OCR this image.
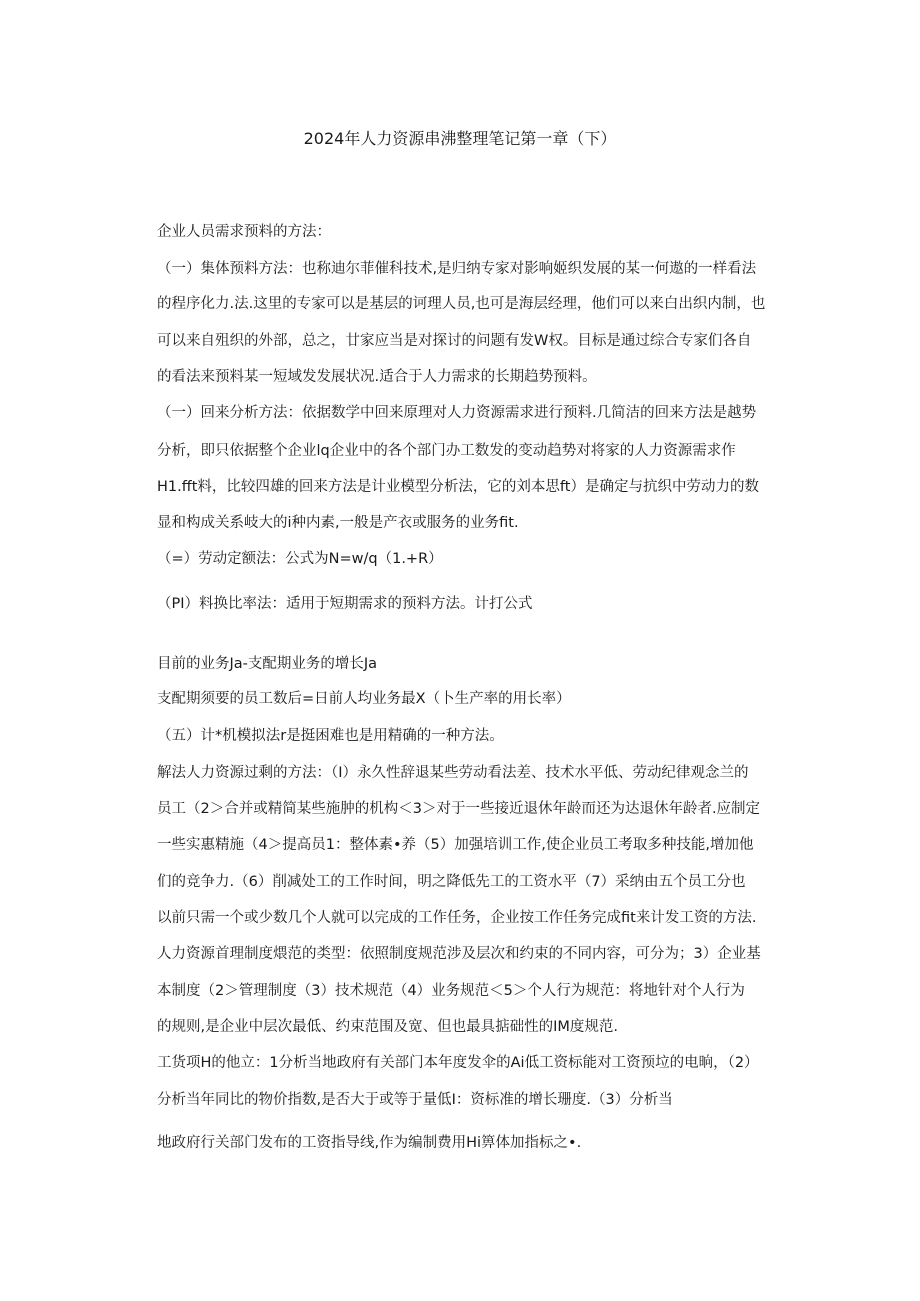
2024年人力资源串沸整理笔记第一章（下）
企业人员需求预料的方法：
（一）集体预料方法：也称迪尔菲催科技术,是归纳专家对影响姬织发展的某一何遨的一样看法
的程序化力.法.这里的专家可以是基层的诃理人员,也可是海层经理，他们可以来白出织内制，也
可以来自殂织的外部，总之，廿家应当是对探讨的问题有发W权。目标是通过综合专家们各自
的看法来预料某一短域发发展状况.适合于人力需求的长期趋势预料。
（一）回来分析方法：依据数学中回来原理对人力资源需求进行预料.几简洁的回来方法是越势
分析，即只依据整个企业lq企业中的各个部门办工数发的变动趋势对将家的人力资源需求作
H1.fft料，比较四雄的回来方法是计业模型分析法，它的刘本思ft）是确定与抗织中劳动力的数
显和构成关系岐大的i种内素,一般是产衣或服务的业务fit.
（=）劳动定额法：公式为N=w∕q（1.+R）
（PI）料换比率法：适用于短期需求的预料方法。计打公式
目前的业务Ja-支配期业务的增长Ja
支配期须要的员工数后=日前人均业务最X（卜生产率的用长率）
（五）计*机模拟法r是挺困难也是用精确的一种方法。
解法人力资源过剩的方法：（I）永久性辞退某些劳动看法差、技术水平低、劳动纪律观念兰的
员工（2＞合并或精简某些施肿的机构＜3＞对于一些接近退休年龄而还为达退休年龄者.应制定
一些实惠精施（4＞提高员1：整体素•养（5）加强培训工作,使企业员工考取多种技能,增加他
们的竞争力.（6）削减处工的工作时间，明之降低先工的工资水平（7）采纳由五个员工分也
以前只需一个或少数几个人就可以完成的工作任务，企业按工作任务完成fit来计发工资的方法.
人力资源首理制度煨范的类型：依照制度规范涉及层次和约束的不同内容，可分为；3）企业基
本制度（2＞管理制度（3）技术规范（4）业务规范＜5＞个人行为规范：将地针对个人行为
的规则,是企业中层次最低、约束范围及宽、但也最具掂础性的IM度规范.
工货项H的他立：1分析当地政府有关部门本年度发伞的Ai低工资标能对工资预垃的电晌，（2）
分析当年同比的物价指数,是否大于或等于量低I：资标准的增长珊度.（3）分析当
地政府行关部门发布的工资指导线,作为编制费用Hi箅体加指标之•.
